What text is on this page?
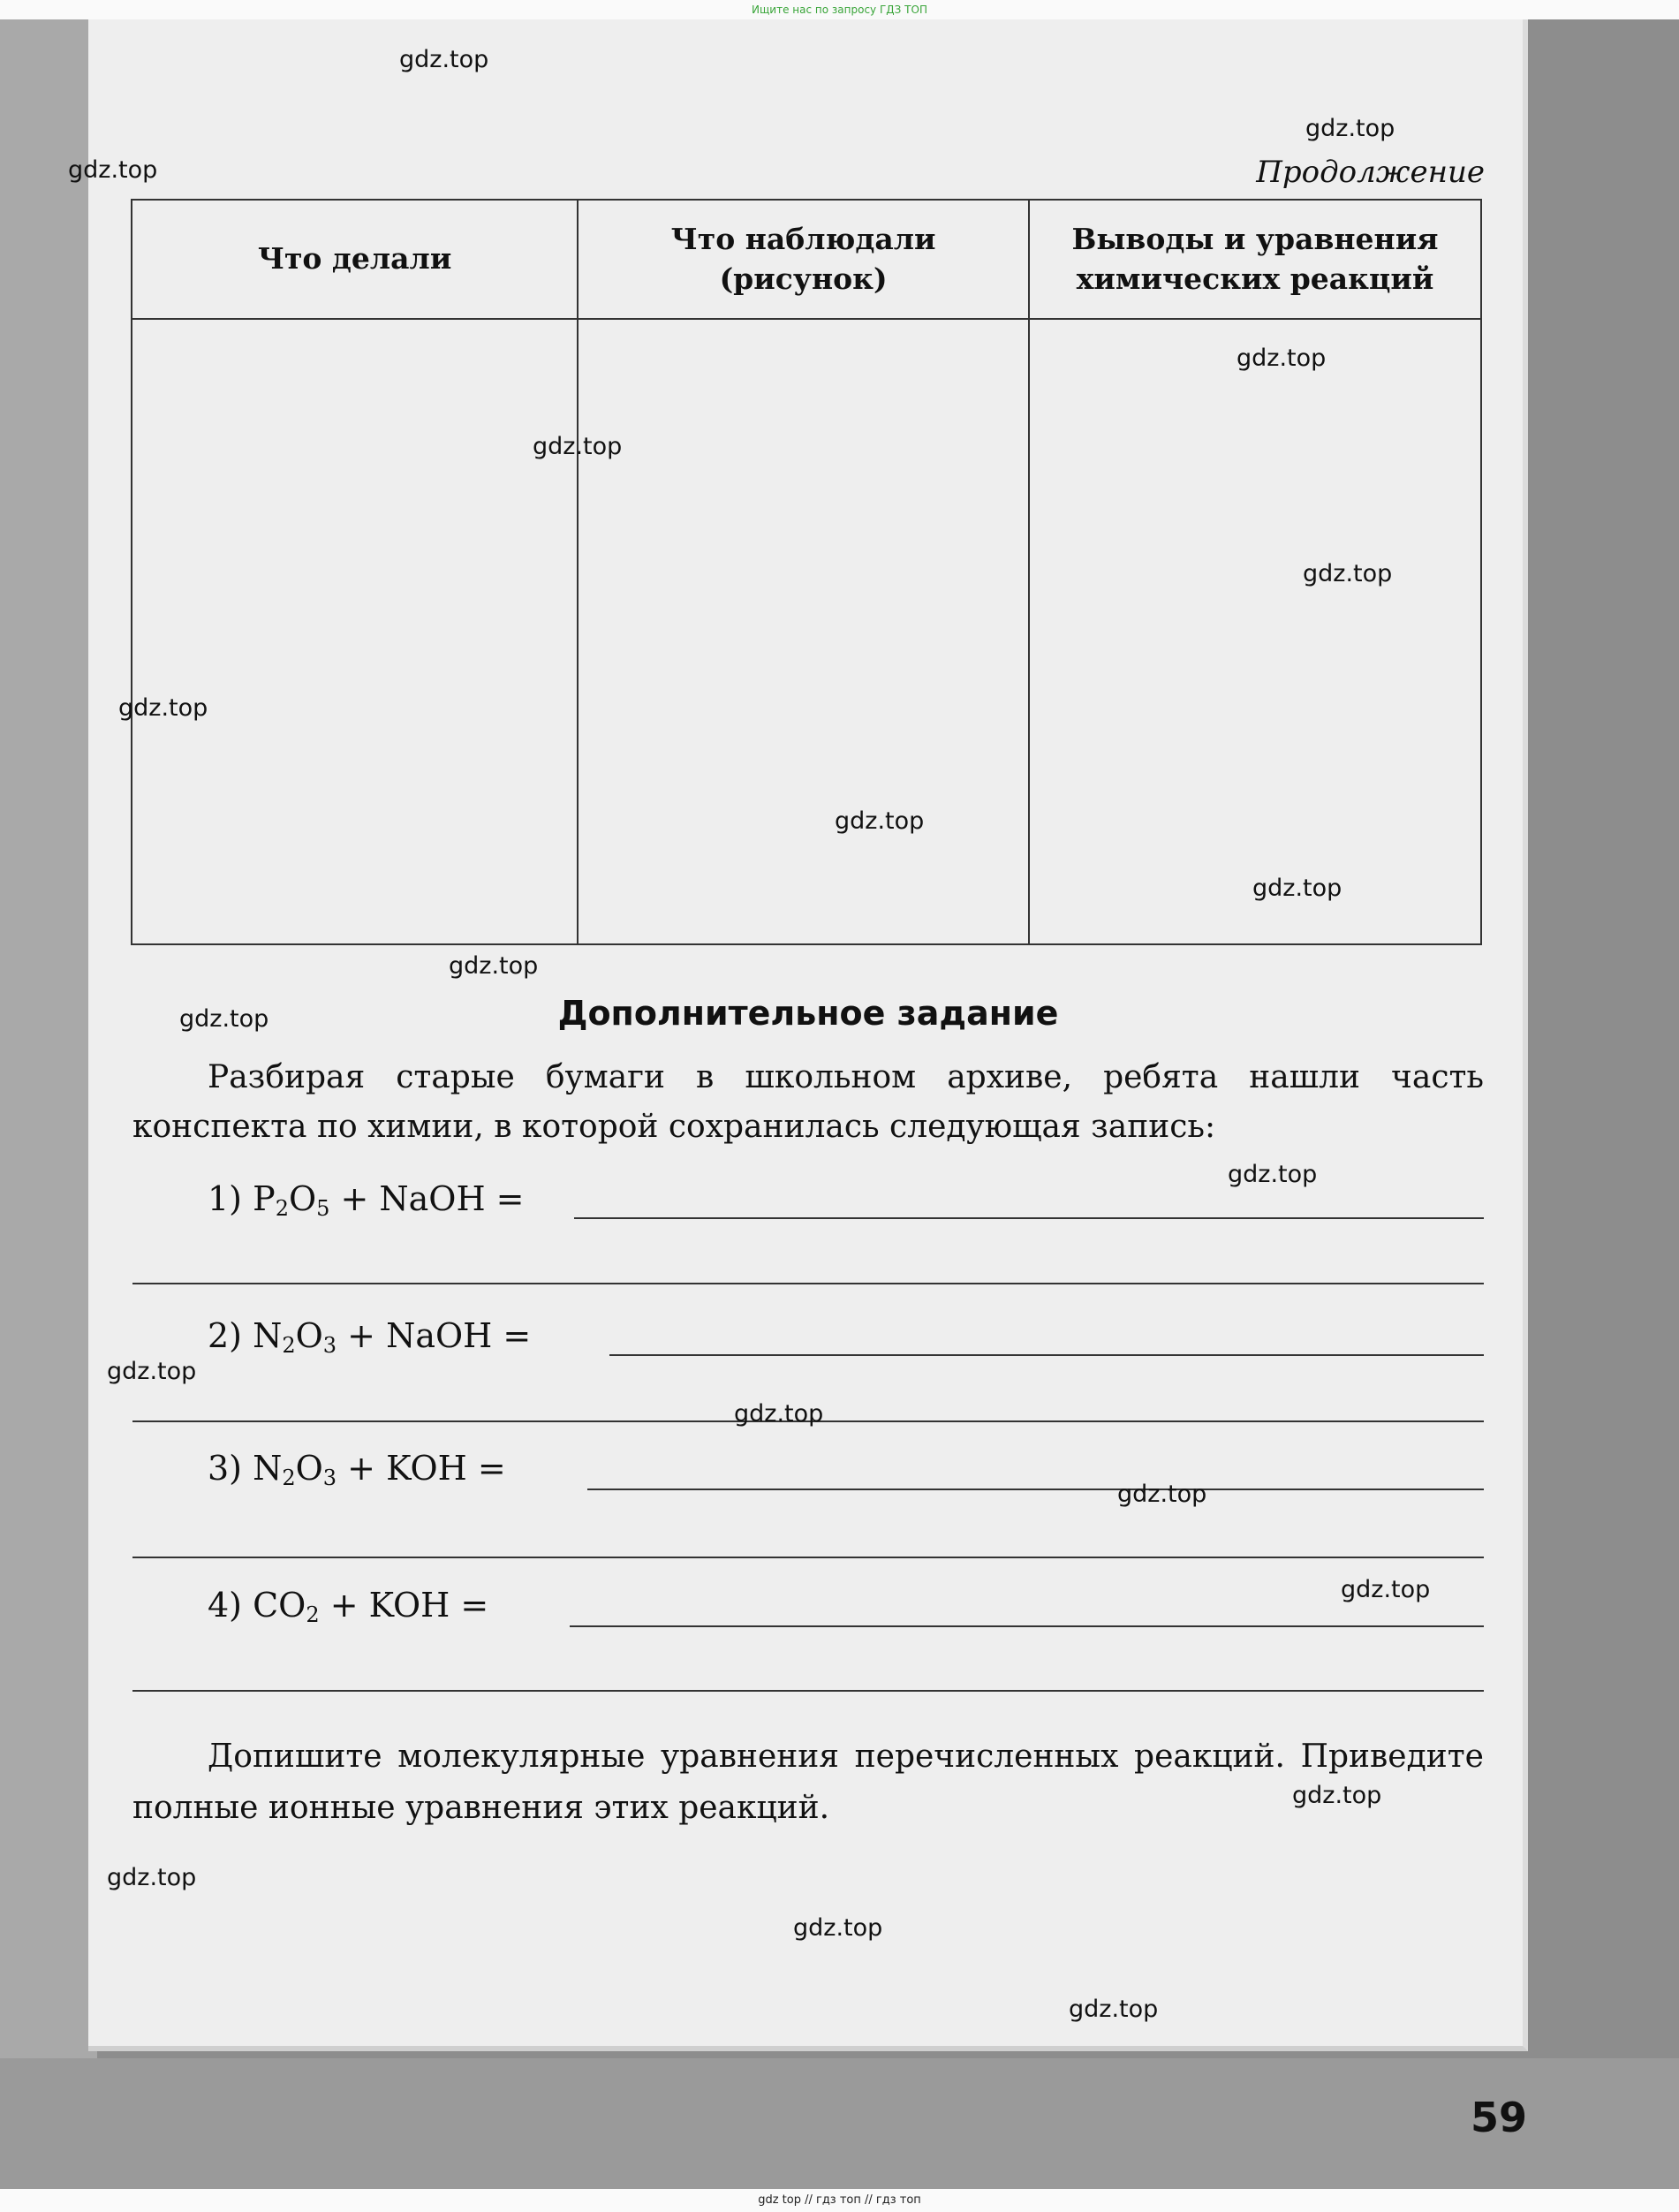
Ищите нас по запросу ГДЗ ТОП
Продолжение
Что делали	Что наблюдали (рисунок)	Выводы и уравнения химических реакций

Дополнительное задание
Разбирая старые бумаги в школьном архиве, ребята нашли часть конспекта по химии, в которой сохранилась следующая запись:
1) $P_2O_5$ + NaOH =
2) $N_2O_3$ + NaOH =
3) $N_2O_3$ + KOH =
4) $CO_2$ + KOH =
Допишите молекулярные уравнения перечисленных реакций. Приведите полные ионные уравнения этих реакций.
59
gdz.top
gdz.top
gdz.top
gdz.top
gdz.top
gdz.top
gdz.top
gdz.top
gdz.top
gdz.top
gdz.top
gdz.top
gdz.top
gdz.top
gdz.top
gdz.top
gdz.top
gdz.top
gdz.top
gdz.top
gdz top // гдз топ // гдз топ
